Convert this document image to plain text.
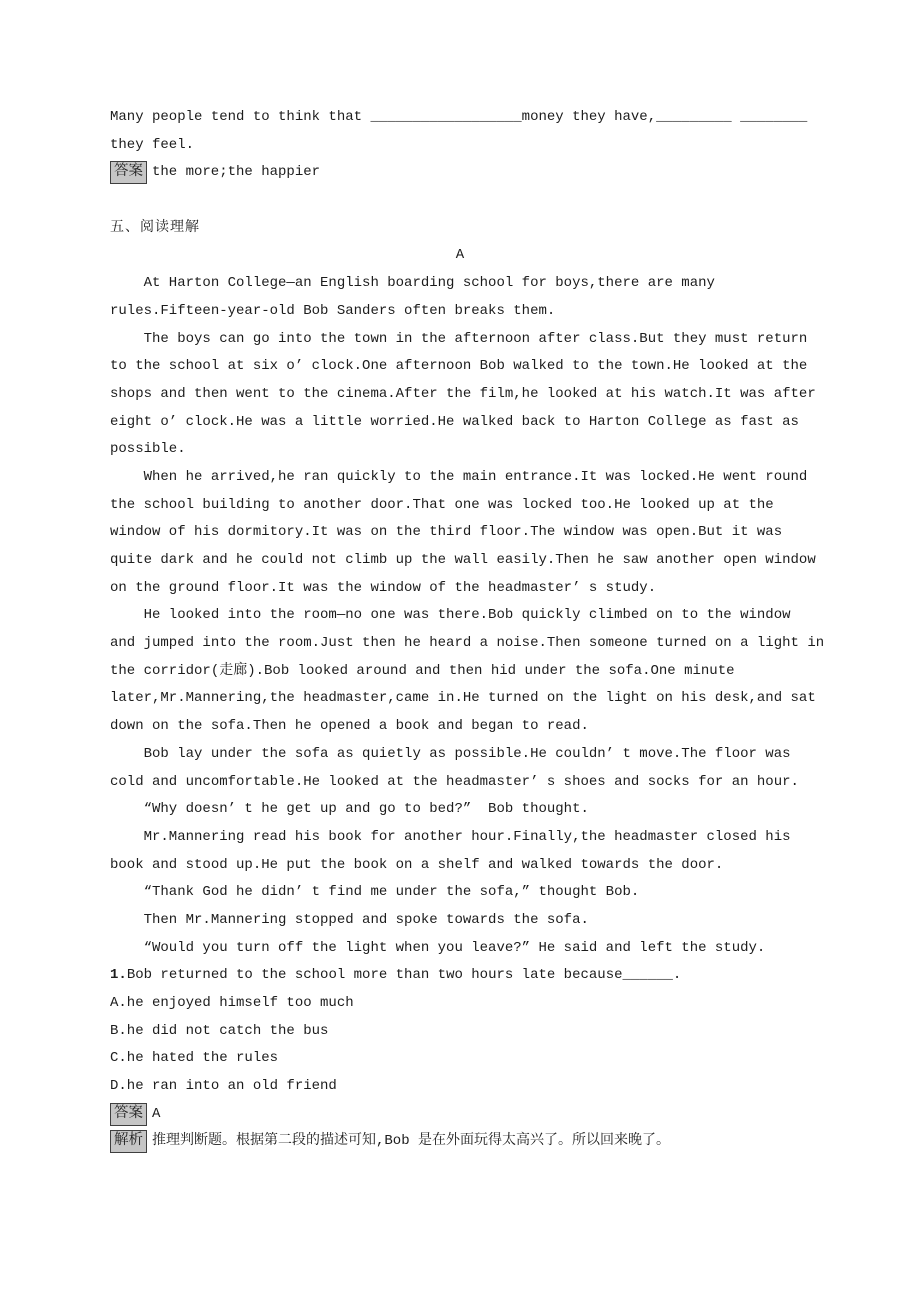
Many people tend to think that __________________money they have,_________ ________
they feel.
答案 the more;the happier

五、阅读理解
A
At Harton College—an English boarding school for boys,there are many
rules.Fifteen-year-old Bob Sanders often breaks them.
The boys can go into the town in the afternoon after class.But they must return
to the school at six o’ clock.One afternoon Bob walked to the town.He looked at the
shops and then went to the cinema.After the film,he looked at his watch.It was after
eight o’ clock.He was a little worried.He walked back to Harton College as fast as
possible.
When he arrived,he ran quickly to the main entrance.It was locked.He went round
the school building to another door.That one was locked too.He looked up at the
window of his dormitory.It was on the third floor.The window was open.But it was
quite dark and he could not climb up the wall easily.Then he saw another open window
on the ground floor.It was the window of the headmaster’ s study.
He looked into the room—no one was there.Bob quickly climbed on to the window
and jumped into the room.Just then he heard a noise.Then someone turned on a light in
the corridor(走廊).Bob looked around and then hid under the sofa.One minute
later,Mr.Mannering,the headmaster,came in.He turned on the light on his desk,and sat
down on the sofa.Then he opened a book and began to read.
Bob lay under the sofa as quietly as possible.He couldn’ t move.The floor was
cold and uncomfortable.He looked at the headmaster’ s shoes and socks for an hour.
“Why doesn’ t he get up and go to bed?”  Bob thought.
Mr.Mannering read his book for another hour.Finally,the headmaster closed his
book and stood up.He put the book on a shelf and walked towards the door.
“Thank God he didn’ t find me under the sofa,” thought Bob.
Then Mr.Mannering stopped and spoke towards the sofa.
“Would you turn off the light when you leave?” He said and left the study.
1.Bob returned to the school more than two hours late because______.
A.he enjoyed himself too much
B.he did not catch the bus
C.he hated the rules
D.he ran into an old friend
答案 A
解析 推理判断题。根据第二段的描述可知,Bob 是在外面玩得太高兴了。所以回来晚了。
